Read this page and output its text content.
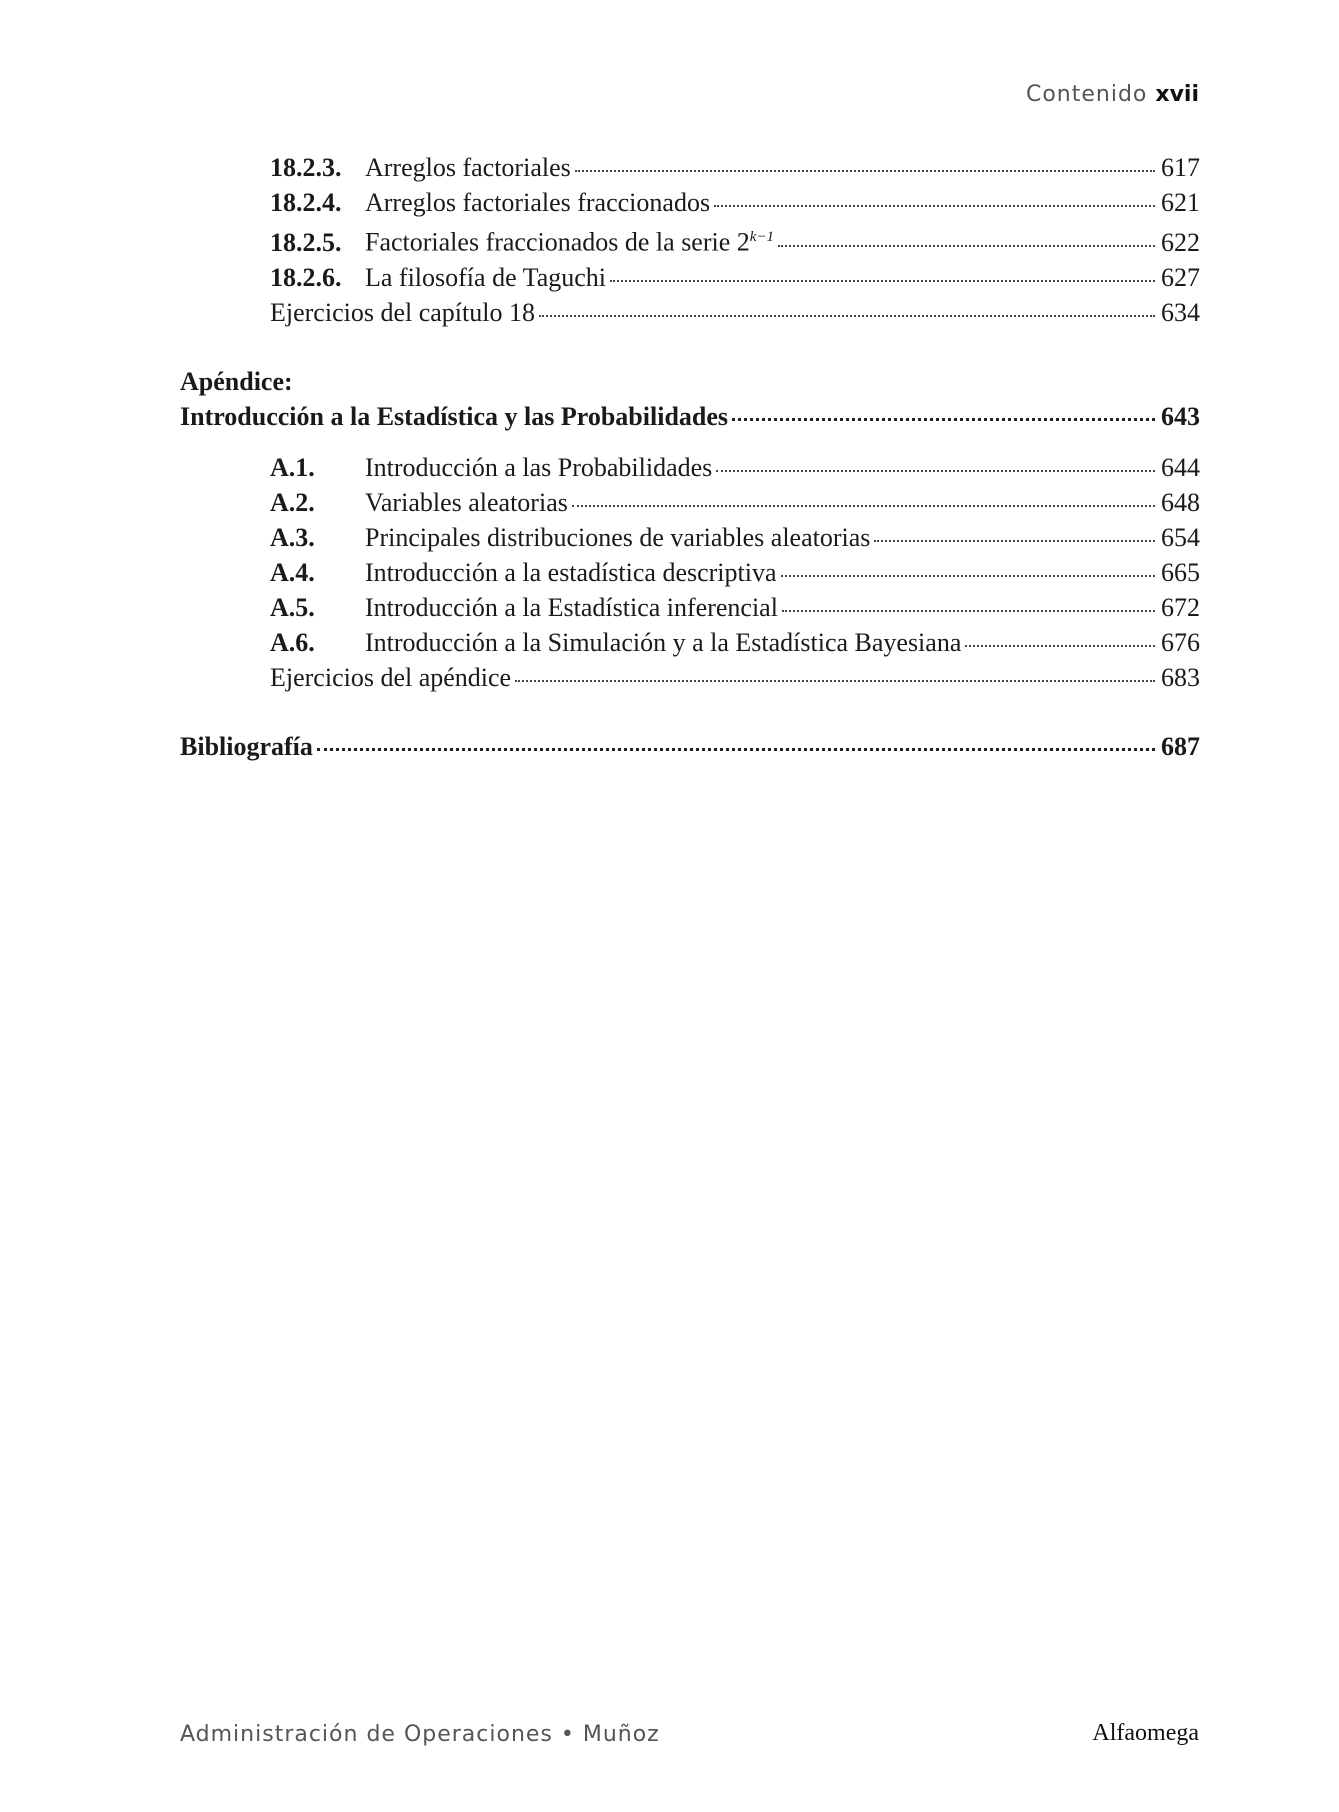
Contenido xvii
18.2.3. Arreglos factoriales	617
18.2.4. Arreglos factoriales fraccionados	621
18.2.5. Factoriales fraccionados de la serie $2^{k-1}$	622
18.2.6. La filosofía de Taguchi	627
Ejercicios del capítulo 18	634
Apéndice:
Introducción a la Estadística y las Probabilidades	643
A.1.	Introducción a las Probabilidades	644
A.2.	Variables aleatorias	648
A.3.	Principales distribuciones de variables aleatorias	654
A.4.	Introducción a la estadística descriptiva	665
A.5.	Introducción a la Estadística inferencial	672
A.6.	Introducción a la Simulación y a la Estadística Bayesiana	676
Ejercicios del apéndice	683
Bibliografía	687
Administración de Operaciones • Muñoz	Alfaomega
